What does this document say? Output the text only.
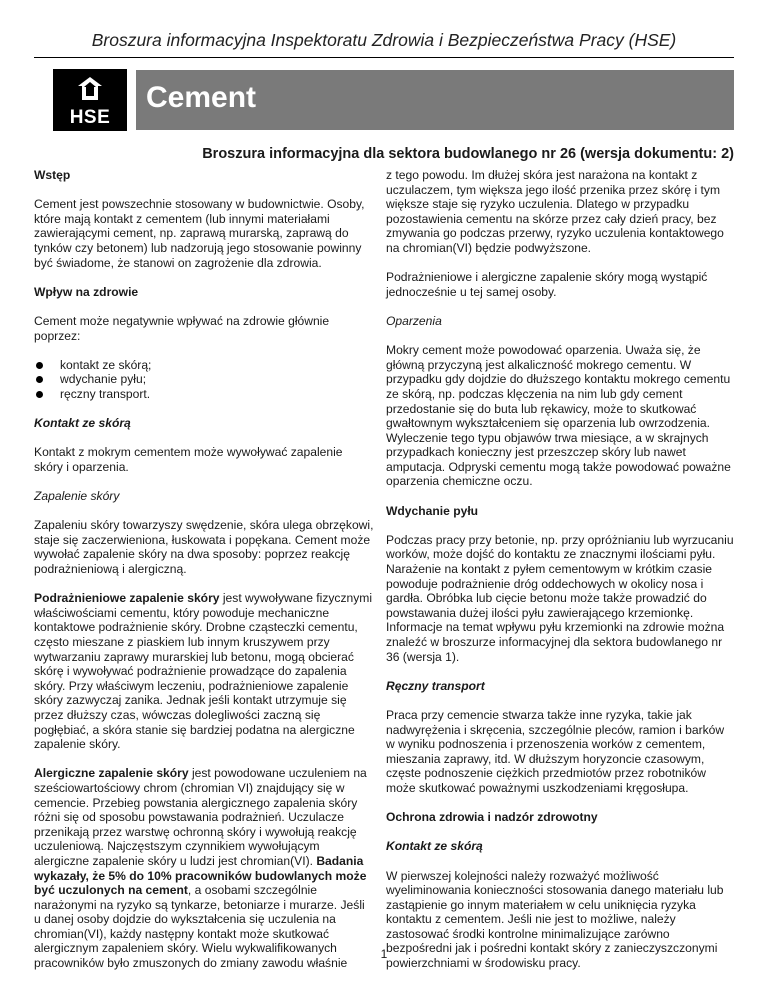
Broszura informacyjna Inspektoratu Zdrowia i Bezpieczeństwa Pracy (HSE)
HSE
Cement
Broszura informacyjna dla sektora budowlanego nr 26 (wersja dokumentu: 2)

Wstęp

Cement jest powszechnie stosowany w budownictwie. Osoby, które mają kontakt z cementem (lub innymi materiałami zawierającymi cement, np. zaprawą murarską, zaprawą do tynków czy betonem) lub nadzorują jego stosowanie powinny być świadome, że stanowi on zagrożenie dla zdrowia.

Wpływ na zdrowie

Cement może negatywnie wpływać na zdrowie głównie poprzez:

kontakt ze skórą;
wdychanie pyłu;
ręczny transport.

Kontakt ze skórą

Kontakt z mokrym cementem może wywoływać zapalenie skóry i oparzenia.

Zapalenie skóry

Zapaleniu skóry towarzyszy swędzenie, skóra ulega obrzękowi, staje się zaczerwieniona, łuskowata i popękana. Cement może wywołać zapalenie skóry na dwa sposoby: poprzez reakcję podrażnieniową i alergiczną.

Podrażnieniowe zapalenie skóry jest wywoływane fizycznymi właściwościami cementu, który powoduje mechaniczne kontaktowe podrażnienie skóry. Drobne cząsteczki cementu, często mieszane z piaskiem lub innym kruszywem przy wytwarzaniu zaprawy murarskiej lub betonu, mogą obcierać skórę i wywoływać podrażnienie prowadzące do zapalenia skóry. Przy właściwym leczeniu, podrażnieniowe zapalenie skóry zazwyczaj zanika. Jednak jeśli kontakt utrzymuje się przez dłuższy czas, wówczas dolegliwości zaczną się pogłębiać, a skóra stanie się bardziej podatna na alergiczne zapalenie skóry.

Alergiczne zapalenie skóry jest powodowane uczuleniem na sześciowartościowy chrom (chromian VI) znajdujący się w cemencie. Przebieg powstania alergicznego zapalenia skóry różni się od sposobu powstawania podrażnień. Uczulacze przenikają przez warstwę ochronną skóry i wywołują reakcję uczuleniową. Najczęstszym czynnikiem wywołującym alergiczne zapalenie skóry u ludzi jest chromian(VI). Badania wykazały, że 5% do 10% pracowników budowlanych może być uczulonych na cement, a osobami szczególnie narażonymi na ryzyko są tynkarze, betoniarze i murarze. Jeśli u danej osoby dojdzie do wykształcenia się uczulenia na chromian(VI), każdy następny kontakt może skutkować alergicznym zapaleniem skóry. Wielu wykwalifikowanych pracowników było zmuszonych do zmiany zawodu właśnie

z tego powodu. Im dłużej skóra jest narażona na kontakt z uczulaczem, tym większa jego ilość przenika przez skórę i tym większe staje się ryzyko uczulenia. Dlatego w przypadku pozostawienia cementu na skórze przez cały dzień pracy, bez zmywania go podczas przerwy, ryzyko uczulenia kontaktowego na chromian(VI) będzie podwyższone.

Podrażnieniowe i alergiczne zapalenie skóry mogą wystąpić jednocześnie u tej samej osoby.

Oparzenia

Mokry cement może powodować oparzenia. Uważa się, że główną przyczyną jest alkaliczność mokrego cementu. W przypadku gdy dojdzie do dłuższego kontaktu mokrego cementu ze skórą, np. podczas klęczenia na nim lub gdy cement przedostanie się do buta lub rękawicy, może to skutkować gwałtownym wykształceniem się oparzenia lub owrzodzenia. Wyleczenie tego typu objawów trwa miesiące, a w skrajnych przypadkach konieczny jest przeszczep skóry lub nawet amputacja. Odpryski cementu mogą także powodować poważne oparzenia chemiczne oczu.

Wdychanie pyłu

Podczas pracy przy betonie, np. przy opróżnianiu lub wyrzucaniu worków, może dojść do kontaktu ze znacznymi ilościami pyłu. Narażenie na kontakt z pyłem cementowym w krótkim czasie powoduje podrażnienie dróg oddechowych w okolicy nosa i gardła. Obróbka lub cięcie betonu może także prowadzić do powstawania dużej ilości pyłu zawierającego krzemionkę. Informacje na temat wpływu pyłu krzemionki na zdrowie można znaleźć w broszurze informacyjnej dla sektora budowlanego nr 36 (wersja 1).

Ręczny transport

Praca przy cemencie stwarza także inne ryzyka, takie jak nadwyrężenia i skręcenia, szczególnie pleców, ramion i barków w wyniku podnoszenia i przenoszenia worków z cementem, mieszania zaprawy, itd. W dłuższym horyzoncie czasowym, częste podnoszenie ciężkich przedmiotów przez robotników może skutkować poważnymi uszkodzeniami kręgosłupa.

Ochrona zdrowia i nadzór zdrowotny

Kontakt ze skórą

W pierwszej kolejności należy rozważyć możliwość wyeliminowania konieczności stosowania danego materiału lub zastąpienie go innym materiałem w celu uniknięcia ryzyka kontaktu z cementem. Jeśli nie jest to możliwe, należy zastosować środki kontrolne minimalizujące zarówno bezpośredni jak i pośredni kontakt skóry z zanieczyszczonymi powierzchniami w środowisku pracy.

1
